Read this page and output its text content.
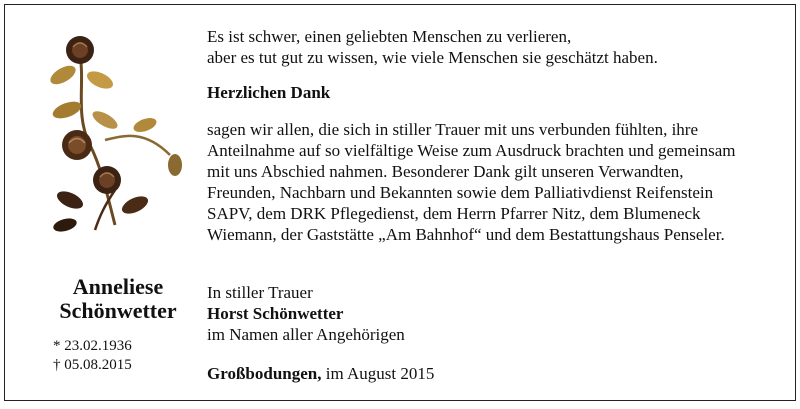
Anneliese
Schönwetter
* 23.02.1936
† 05.08.2015

Es ist schwer, einen geliebten Menschen zu verlieren,
aber es tut gut zu wissen, wie viele Menschen sie geschätzt haben.

Herzlichen Dank

sagen wir allen, die sich in stiller Trauer mit uns verbunden fühlten, ihre
Anteilnahme auf so vielfältige Weise zum Ausdruck brachten und gemeinsam
mit uns Abschied nahmen. Besonderer Dank gilt unseren Verwandten,
Freunden, Nachbarn und Bekannten sowie dem Palliativdienst Reifenstein
SAPV, dem DRK Pflegedienst, dem Herrn Pfarrer Nitz, dem Blumeneck
Wiemann, der Gaststätte „Am Bahnhof“ und dem Bestattungshaus Penseler.

In stiller Trauer
Horst Schönwetter
im Namen aller Angehörigen
Großbodungen, im August 2015
